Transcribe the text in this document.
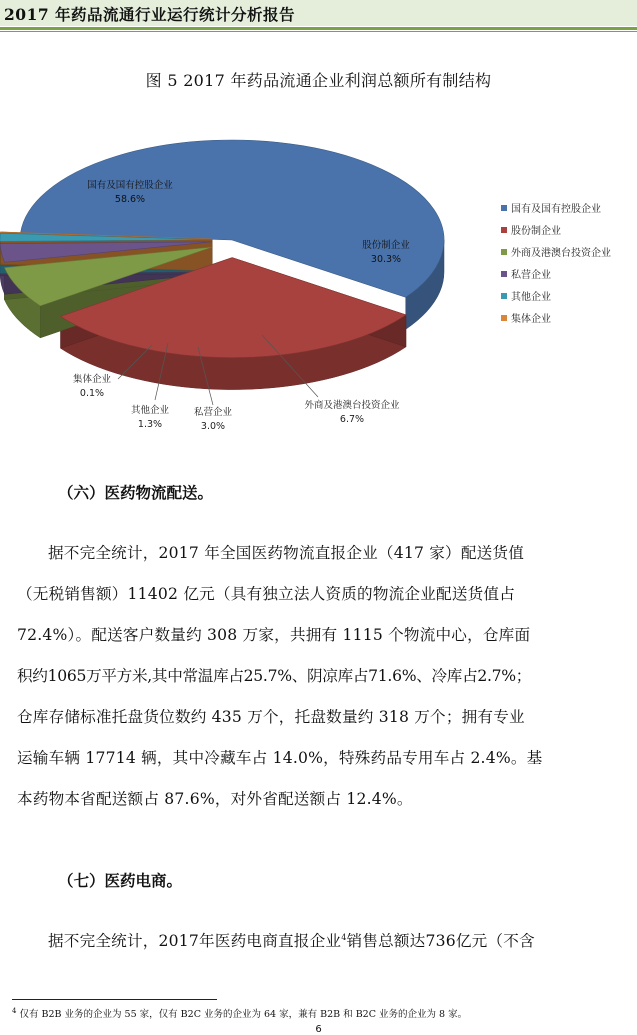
2017 年药品流通行业运行统计分析报告
图 5 2017 年药品流通企业利润总额所有制结构
国有及国有控股企业
58.6%
股份制企业
30.3%
外商及港澳台投资企业
6.7%
私营企业
3.0%
其他企业
1.3%
集体企业
0.1%
国有及国有控股企业
股份制企业
外商及港澳台投资企业
私营企业
其他企业
集体企业
（六）医药物流配送。
据不完全统计，2017 年全国医药物流直报企业（417 家）配送货值
（无税销售额）11402 亿元（具有独立法人资质的物流企业配送货值占
72.4%）。配送客户数量约 308 万家，共拥有 1115 个物流中心，仓库面
积约1065万平方米,其中常温库占25.7%、阴凉库占71.6%、冷库占2.7%；
仓库存储标准托盘货位数约 435 万个，托盘数量约 318 万个；拥有专业
运输车辆 17714 辆，其中冷藏车占 14.0%，特殊药品专用车占 2.4%。基
本药物本省配送额占 87.6%，对外省配送额占 12.4%。
（七）医药电商。
据不完全统计，2017年医药电商直报企业$^4$销售总额达736亿元（不含
$^4$ 仅有 B2B 业务的企业为 55 家，仅有 B2C 业务的企业为 64 家，兼有 B2B 和 B2C 业务的企业为 8 家。
6
